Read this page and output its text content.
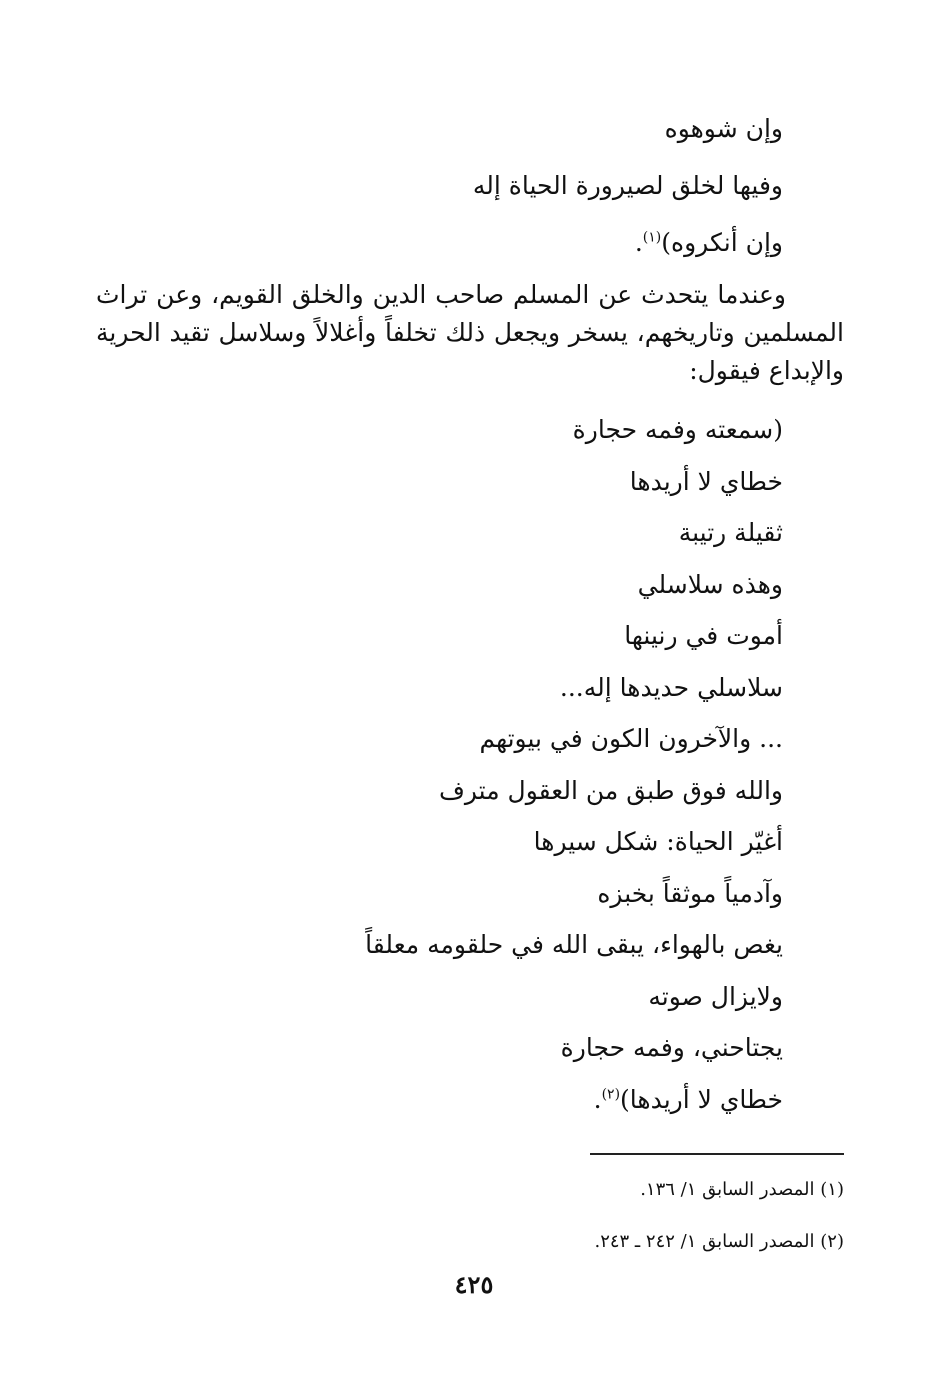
وإن شوهوه
وفيها لخلق لصيرورة الحياة إله
وإن أنكروه)$^{(١)}$.
وعندما يتحدث عن المسلم صاحب الدين والخلق القويم، وعن تراث المسلمين وتاريخهم، يسخر ويجعل ذلك تخلفاً وأغلالاً وسلاسل تقيد الحرية والإبداع فيقول:
(سمعته وفمه حجارة
خطاي لا أريدها
ثقيلة رتيبة
وهذه سلاسلي
أموت في رنينها
سلاسلي حديدها إله...
... والآخرون الكون في بيوتهم
والله فوق طبق من العقول مترف
أغيّر الحياة: شكل سيرها
وآدمياً موثقاً بخبزه
يغص بالهواء، يبقى الله في حلقومه معلقاً
ولايزال صوته
يجتاحني، وفمه حجارة
خطاي لا أريدها)$^{(٢)}$.
(١) المصدر السابق ١/ ١٣٦.
(٢) المصدر السابق ١/ ٢٤٢ ـ ٢٤٣.
٤٢٥
